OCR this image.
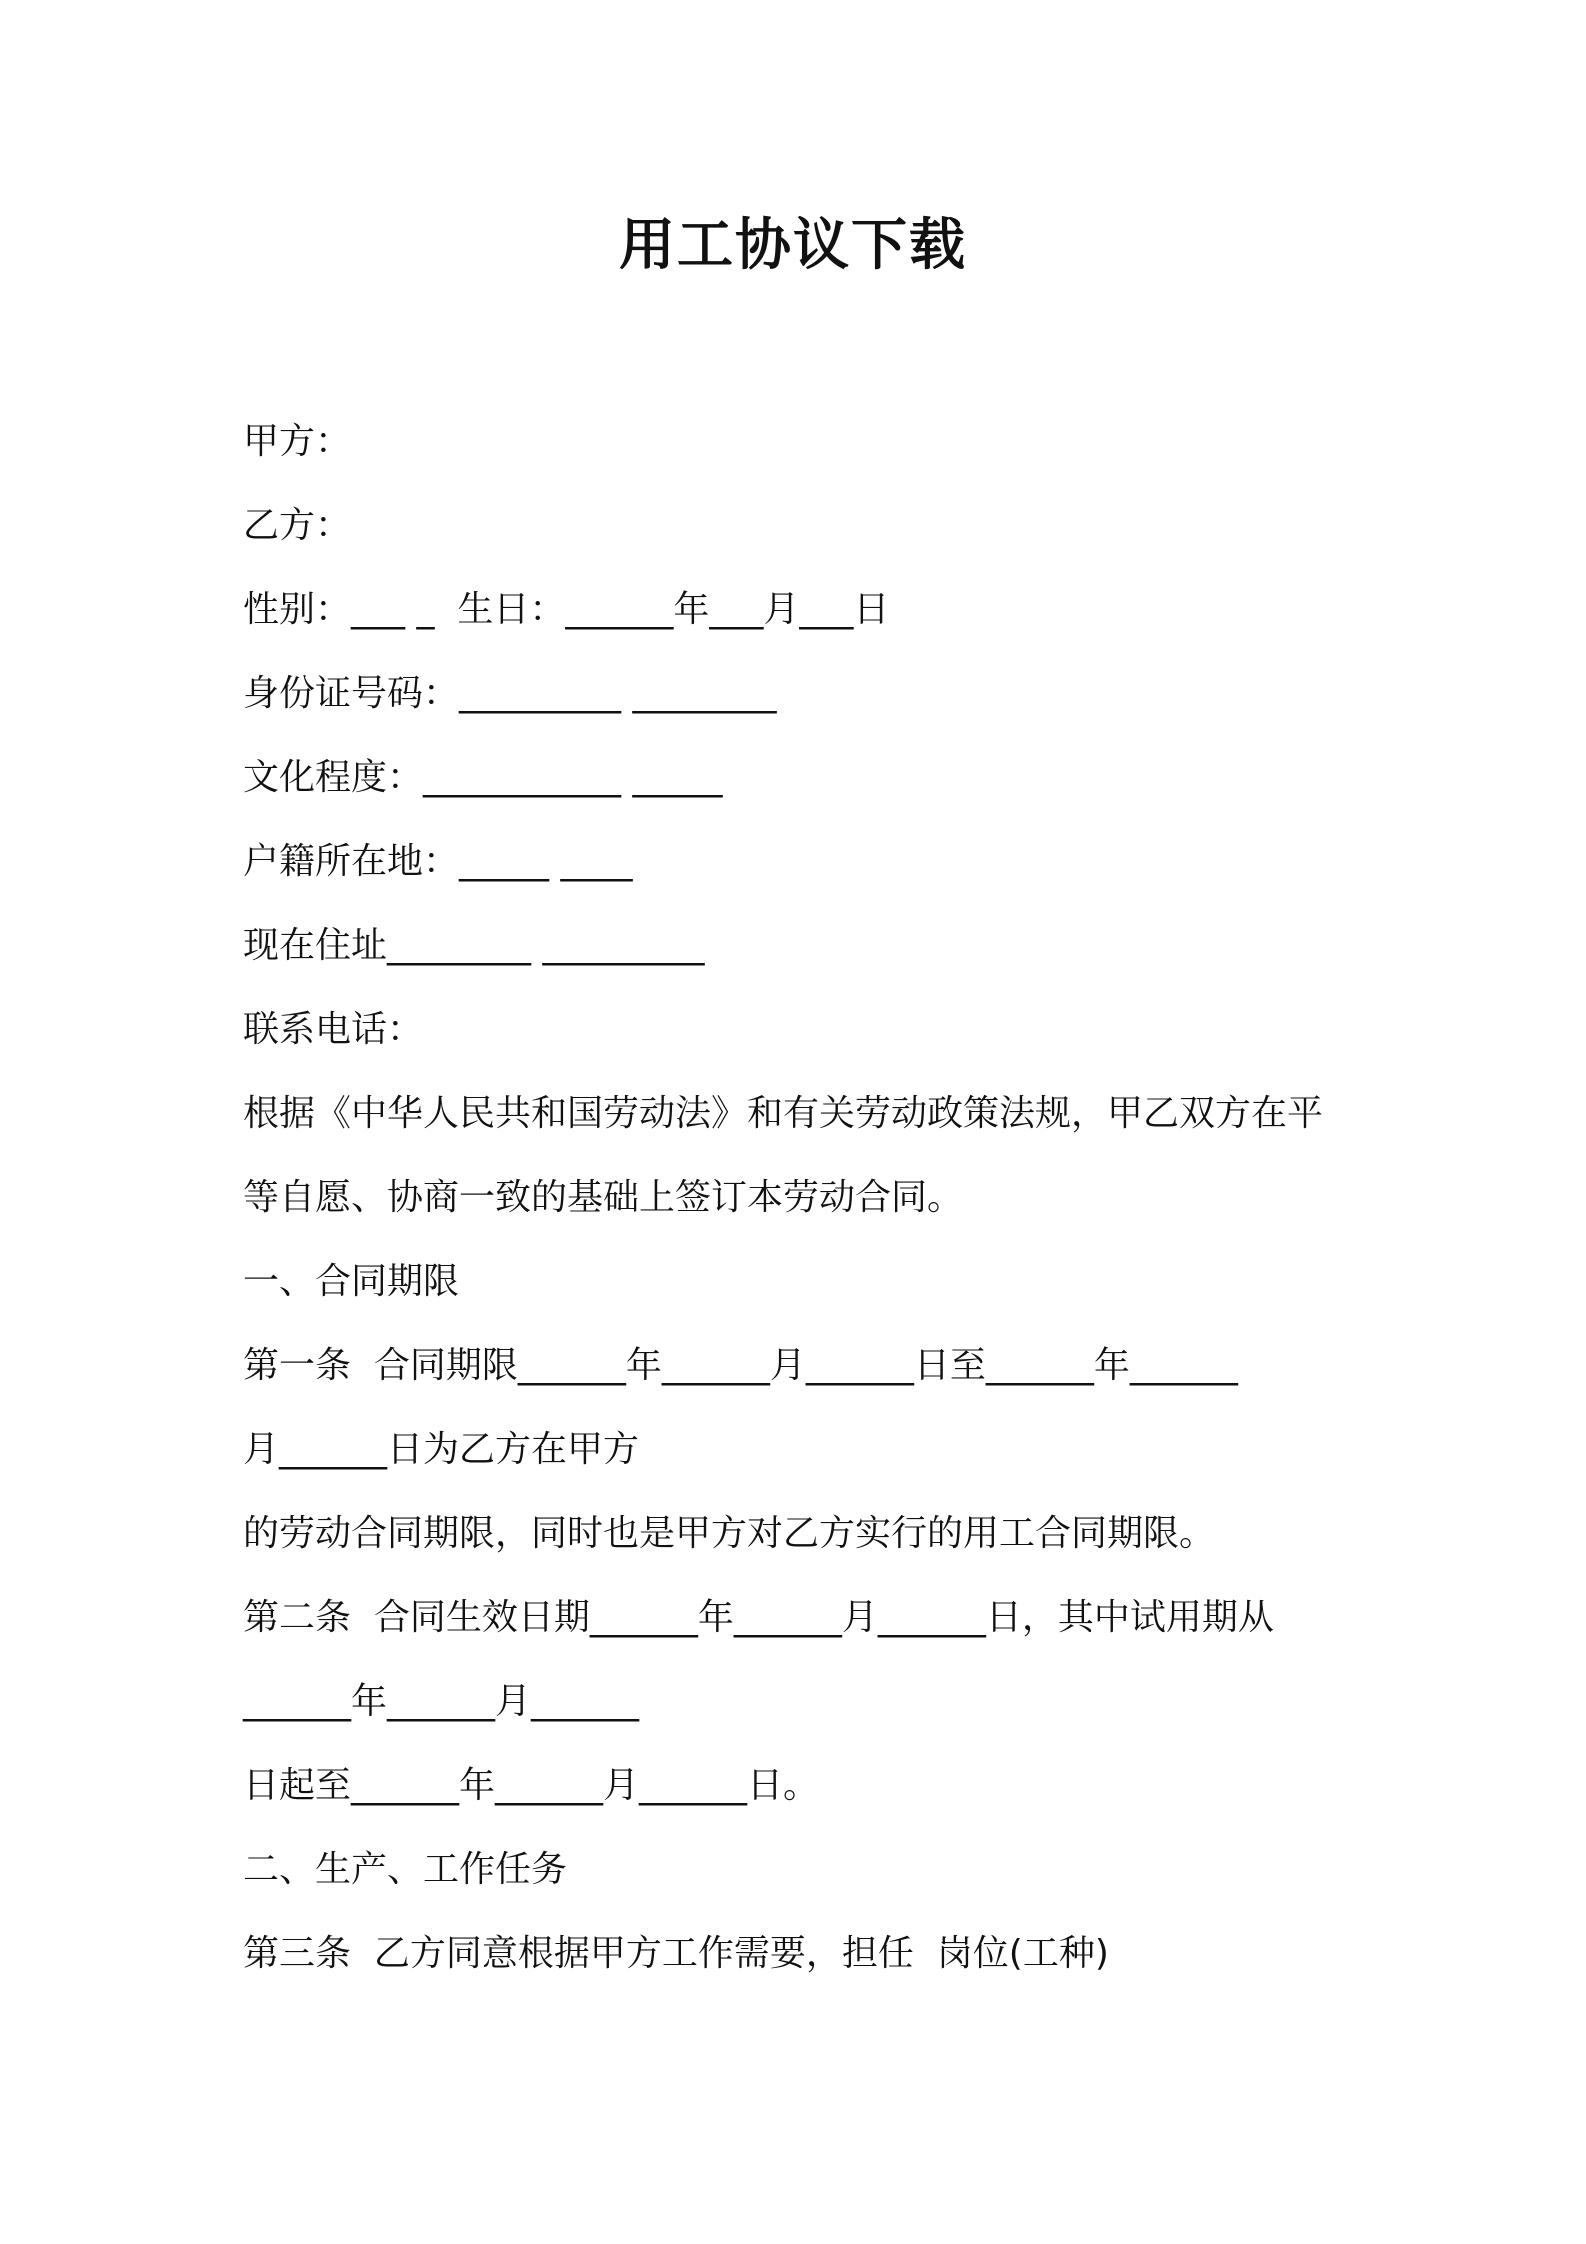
用工协议下载

甲方：

乙方：

性别：___ _  生日：______年___月___日

身份证号码：_________ ________

文化程度：___________ _____

户籍所在地：_____ ____

现在住址________ _________

联系电话：

根据《中华人民共和国劳动法》和有关劳动政策法规，甲乙双方在平

等自愿、协商一致的基础上签订本劳动合同。

一、合同期限

第一条  合同期限______年______月______日至______年______

月______日为乙方在甲方

的劳动合同期限，同时也是甲方对乙方实行的用工合同期限。

第二条  合同生效日期______年______月______日，其中试用期从

______年______月______

日起至______年______月______日。

二、生产、工作任务

第三条  乙方同意根据甲方工作需要，担任  岗位(工种)
